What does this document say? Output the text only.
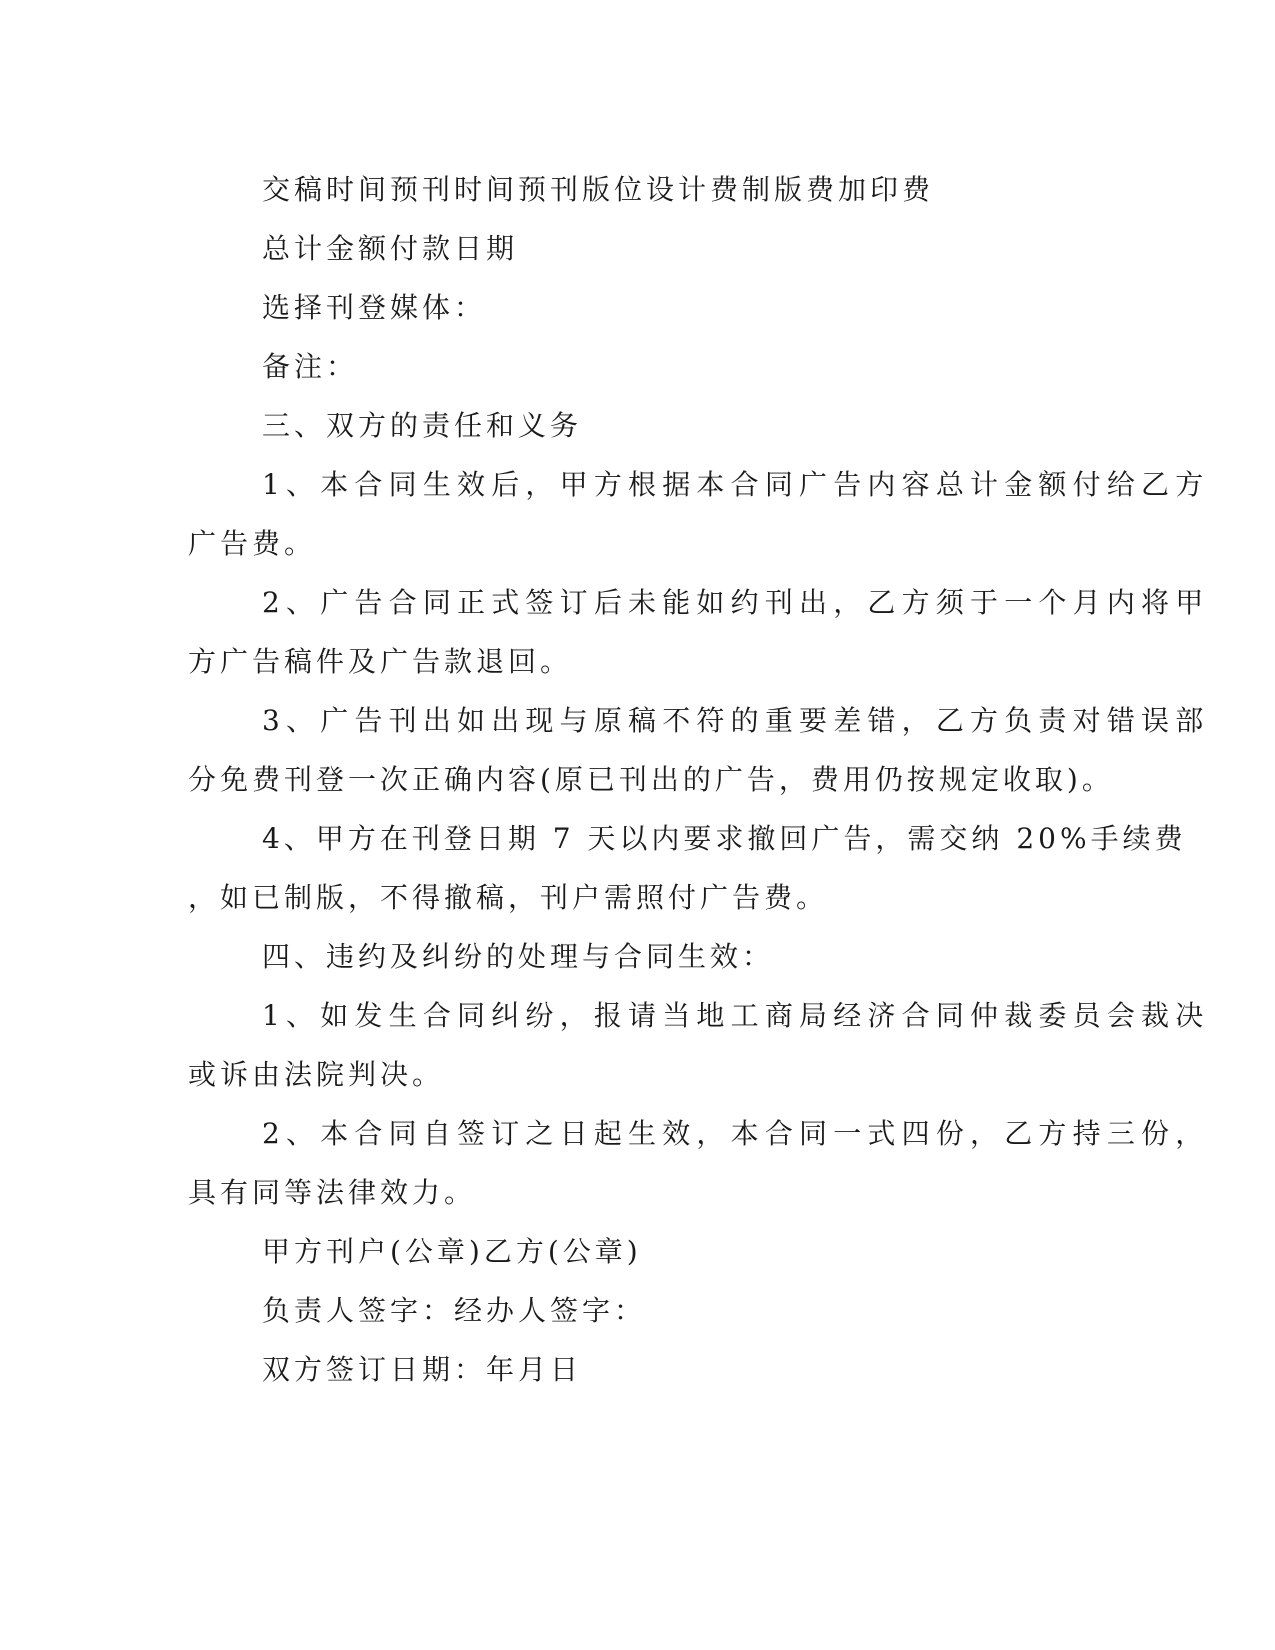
交稿时间预刊时间预刊版位设计费制版费加印费
总计金额付款日期
选择刊登媒体：
备注：
三、双方的责任和义务
1、本合同生效后，甲方根据本合同广告内容总计金额付给乙方
广告费。
2、广告合同正式签订后未能如约刊出，乙方须于一个月内将甲
方广告稿件及广告款退回。
3、广告刊出如出现与原稿不符的重要差错，乙方负责对错误部
分免费刊登一次正确内容(原已刊出的广告，费用仍按规定收取)。
4、甲方在刊登日期 7 天以内要求撤回广告，需交纳 20%手续费
，如已制版，不得撤稿，刊户需照付广告费。
四、违约及纠纷的处理与合同生效：
1、如发生合同纠纷，报请当地工商局经济合同仲裁委员会裁决
或诉由法院判决。
2、本合同自签订之日起生效，本合同一式四份，乙方持三份，
具有同等法律效力。
甲方刊户(公章)乙方(公章)
负责人签字：经办人签字：
双方签订日期：年月日
